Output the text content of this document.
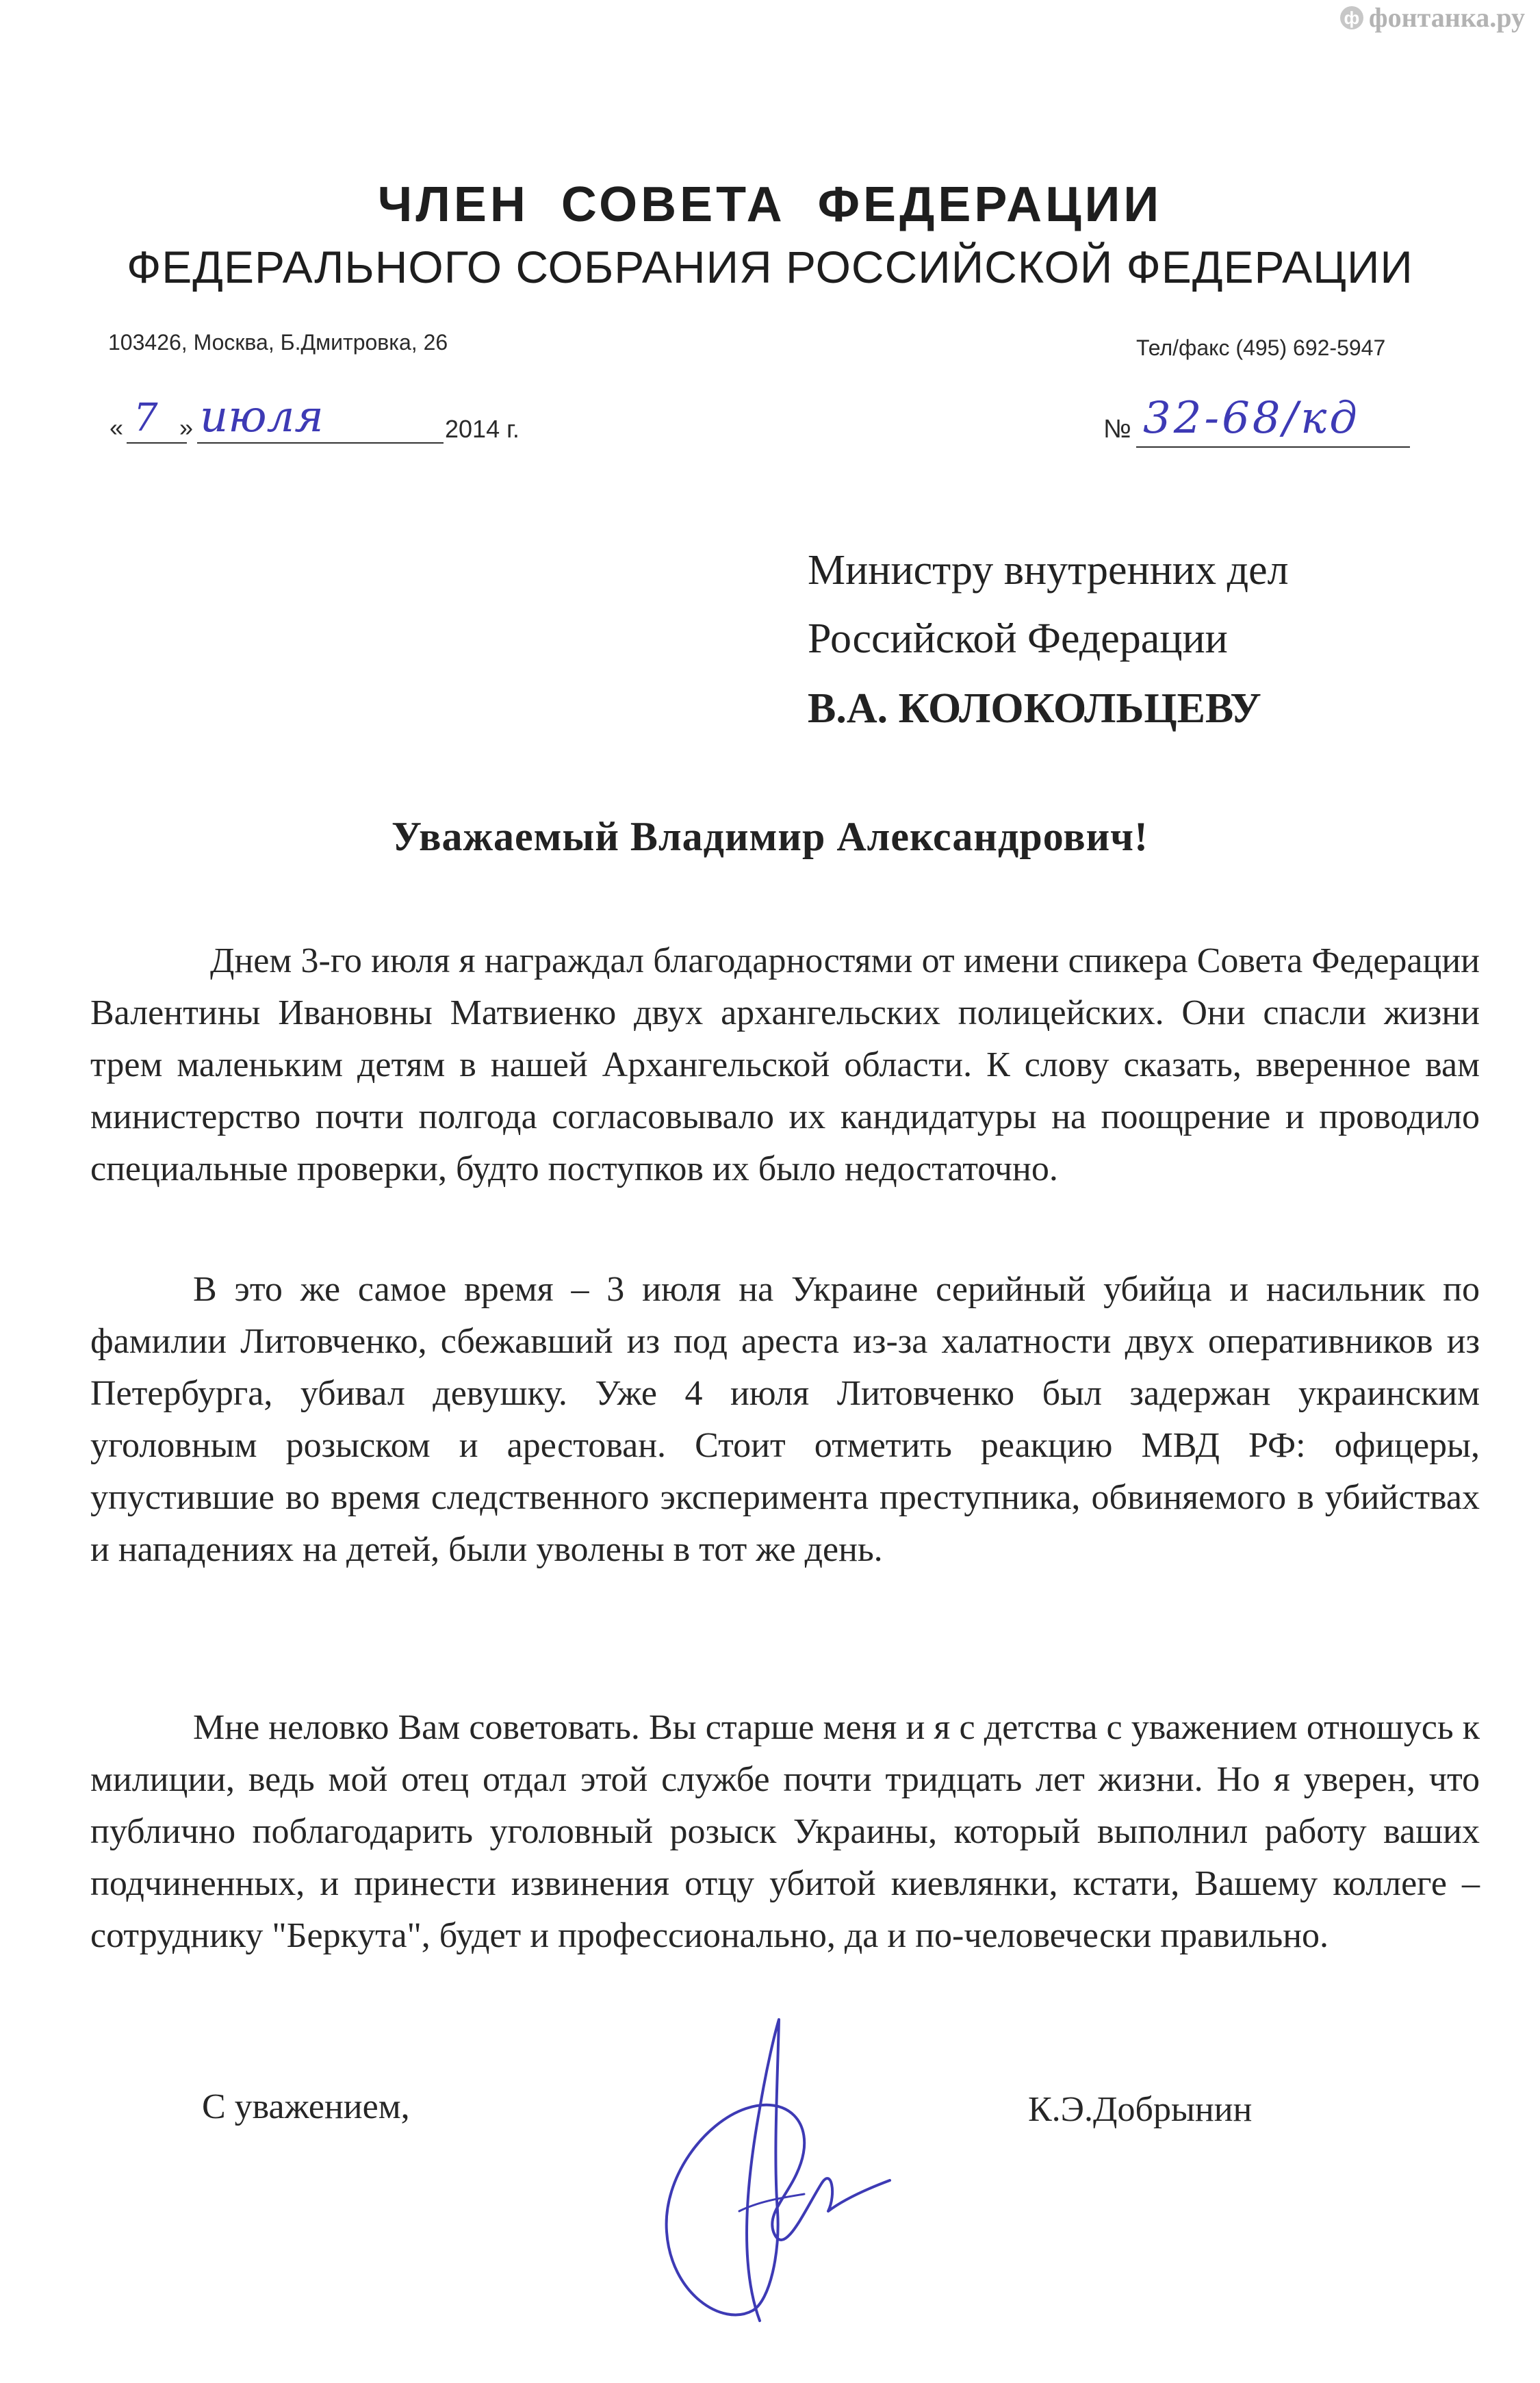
ф фонтанка.ру
ЧЛЕН СОВЕТА ФЕДЕРАЦИИ
ФЕДЕРАЛЬНОГО СОБРАНИЯ РОССИЙСКОЙ ФЕДЕРАЦИИ
103426, Москва, Б.Дмитровка, 26	Тел/факс (495) 692-5947
« 7 » июля	2014 г.	№ 32-68/кд
Министру внутренних дел
Российской Федерации
В.А. КОЛОКОЛЬЦЕВУ
Уважаемый Владимир Александрович!

Днем 3-го июля я награждал благодарностями от имени спикера Совета Федерации Валентины Ивановны Матвиенко двух архангельских полицейских. Они спасли жизни трем маленьким детям в нашей Архангельской области. К слову сказать, вверенное вам министерство почти полгода согласовывало их кандидатуры на поощрение и проводило специальные проверки, будто поступков их было недостаточно.

В это же самое время – 3 июля на Украине серийный убийца и насильник по фамилии Литовченко, сбежавший из под ареста из-за халатности двух оперативников из Петербурга, убивал девушку. Уже 4 июля Литовченко был задержан украинским уголовным розыском и арестован. Стоит отметить реакцию МВД РФ: офицеры, упустившие во время следственного эксперимента преступника, обвиняемого в убийствах и нападениях на детей, были уволены в тот же день.

Мне неловко Вам советовать. Вы старше меня и я с детства с уважением отношусь к милиции, ведь мой отец отдал этой службе почти тридцать лет жизни. Но я уверен, что публично поблагодарить уголовный розыск Украины, который выполнил работу ваших подчиненных, и принести извинения отцу убитой киевлянки, кстати, Вашему коллеге – сотруднику "Беркута", будет и профессионально, да и по-человечески правильно.

С уважением,	К.Э.Добрынин
